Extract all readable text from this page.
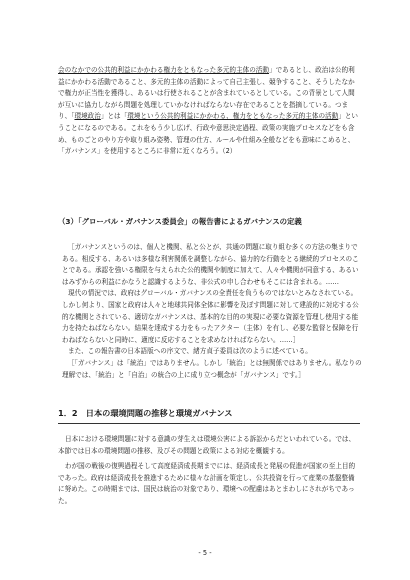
会のなかでの公共的利益にかかわる権力をともなった多元的主体の活動」であるとし、政治は公的利益にかかわる活動であること、多元的主体の活動によって自己主張し、競争すること、そうしたなかで権力が正当性を獲得し、あるいは行使されることが含まれているとしている。この背景として人間が互いに協力しながら問題を処理していかなければならない存在であることを指摘している。つまり、「環境政治」とは「環境という公共的利益にかかわる、権力をともなった多元的主体の活動」ということになるのである。これをもう少し広げ、行政や意思決定過程、政策の実施プロセスなどをも含め、ものごとのやり方や取り組み姿勢、管理の仕方、ルールや仕組み全般などをも意味にこめると、「ガバナンス」を使用するところに非常に近くなろう。（2）

（3）「グローバル・ガバナンス委員会」の報告書によるガバナンスの定義

［ガバナンスというのは、個人と機関、私と公とが、共通の問題に取り組む多くの方法の集まりである。相反する、あるいは多様な利害関係を調整しながら、協力的な行動をとる継続的プロセスのことである。承認を強いる権限を与えられた公的機関や制度に加えて、人々や機関が同意する、あるいはみずからの利益にかなうと認識するような、非公式の申し合わせもそこには含まれる。……

現代の情況では、政府はグローバル・ガバナンスの全責任を負うものではないとみなされている。しかし何より、国家と政府は人々と地球共同体全体に影響を及ぼす問題に対して建設的に対応する公的な機関とされている、適切なガバナンスは、基本的な目的の実現に必要な資源を管理し使用する能力を持たねばならない。結果を達成する力をもったアクター（主体）を有し、必要な監督と保障を行わねばならないと同時に、適度に反応することを求めなければならない。……］

また、この報告書の日本語版への序文で、緒方貞子委員は次のように述べている。

［「ガバナンス」は「統治」ではありません。しかし「統治」とは無関係ではありません。私なりの理解では、「統治」と「自治」の統合の上に成り立つ概念が「ガバナンス」です。］

1．2　日本の環境問題の推移と環境ガバナンス

日本における環境問題に対する意識の芽生えは環境公害による訴訟からだといわれている。では、本節では日本の環境問題の推移、及びその問題と政策による対応を概観する。

わが国の戦後の復興過程そして高度経済成長期までには、経済成長と発展の促進が国家の至上目的であった。政府は経済成長を推進するために様々な計画を策定し、公共投資を行って産業の基盤整備に努めた。この時期までは、国民は統治の対象であり、環境への配慮はあとまわしにされがちであった。

- 5 -
